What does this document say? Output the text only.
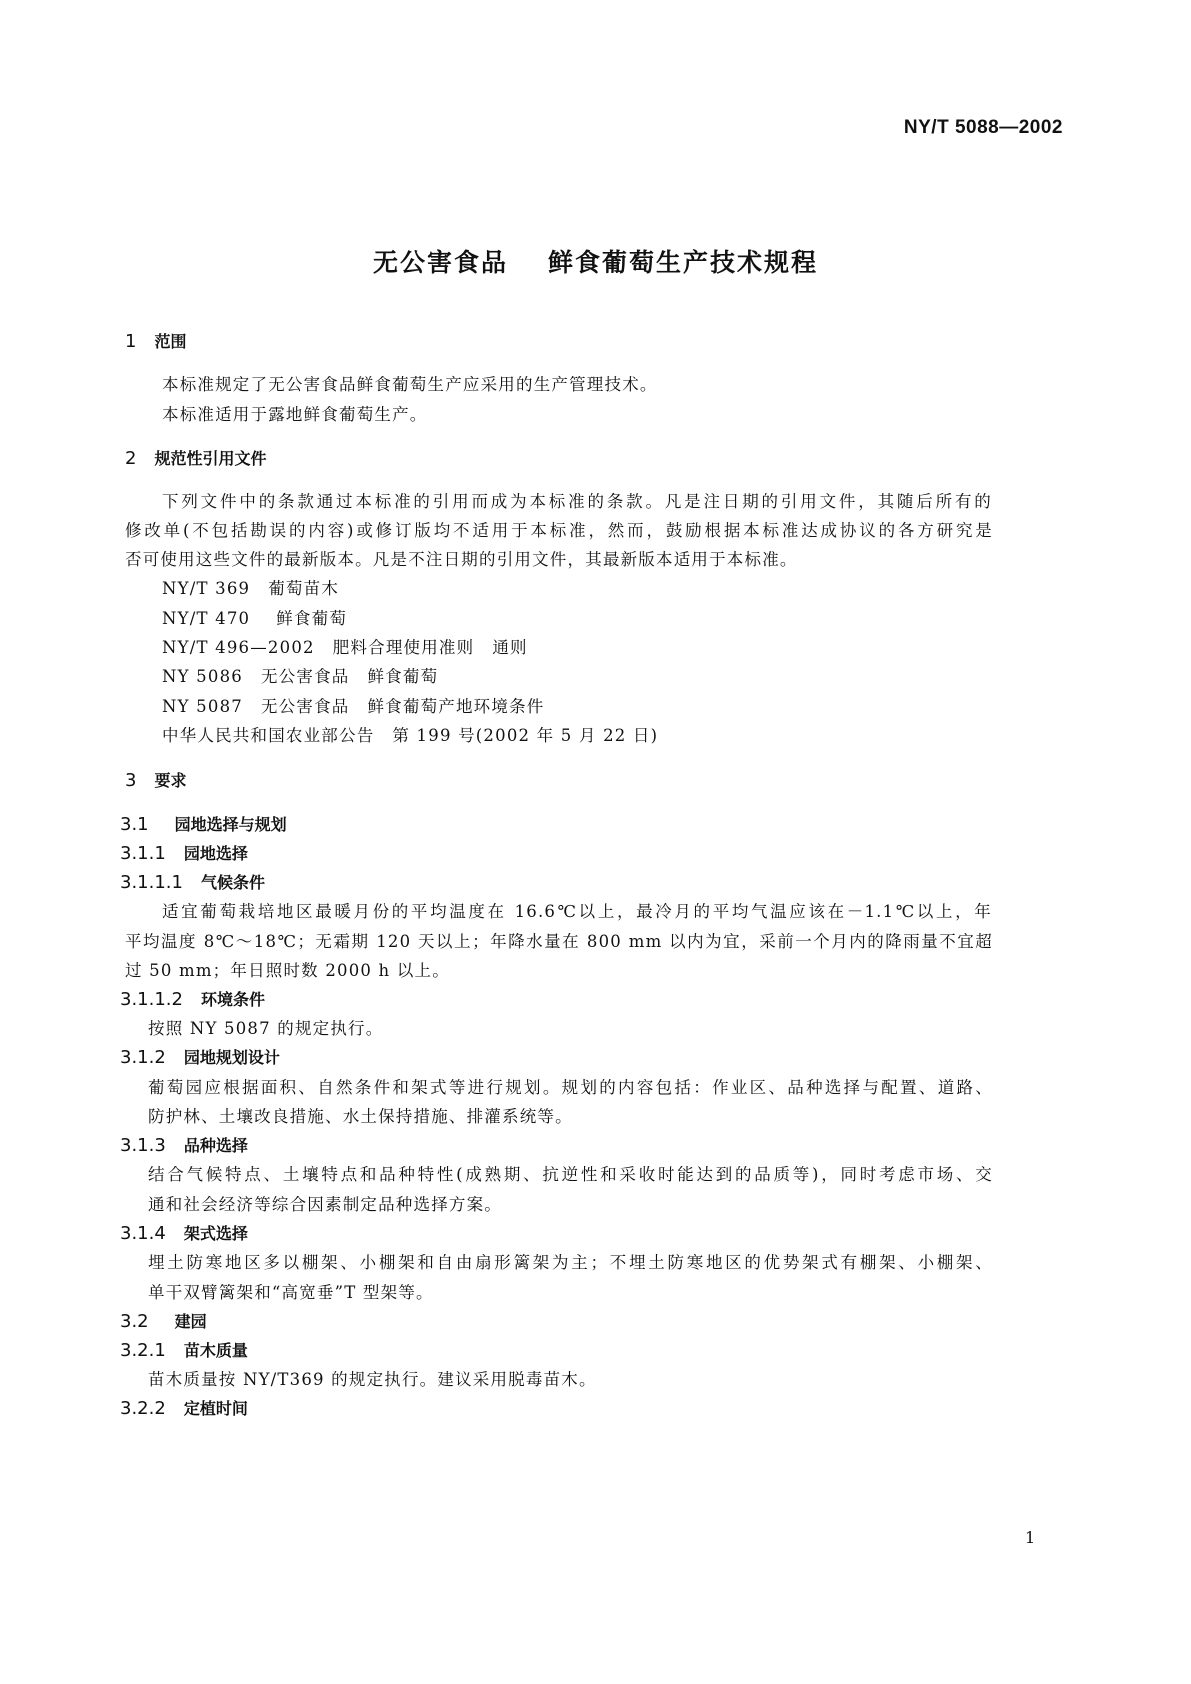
NY/T 5088—2002
无公害食品 鲜食葡萄生产技术规程
1 范围
本标准规定了无公害食品鲜食葡萄生产应采用的生产管理技术。
本标准适用于露地鲜食葡萄生产。
2 规范性引用文件
下列文件中的条款通过本标准的引用而成为本标准的条款。凡是注日期的引用文件，其随后所有的
修改单(不包括勘误的内容)或修订版均不适用于本标准，然而，鼓励根据本标准达成协议的各方研究是
否可使用这些文件的最新版本。凡是不注日期的引用文件，其最新版本适用于本标准。
NY/T 369 葡萄苗木
NY/T 470 鲜食葡萄
NY/T 496—2002 肥料合理使用准则 通则
NY 5086 无公害食品 鲜食葡萄
NY 5087 无公害食品 鲜食葡萄产地环境条件
中华人民共和国农业部公告 第 199 号(2002 年 5 月 22 日)
3 要求
3.1 园地选择与规划
3.1.1 园地选择
3.1.1.1 气候条件
适宜葡萄栽培地区最暖月份的平均温度在 16.6℃以上，最冷月的平均气温应该在－1.1℃以上，年
平均温度 8℃～18℃；无霜期 120 天以上；年降水量在 800 mm 以内为宜，采前一个月内的降雨量不宜超
过 50 mm；年日照时数 2000 h 以上。
3.1.1.2 环境条件
按照 NY 5087 的规定执行。
3.1.2 园地规划设计
葡萄园应根据面积、自然条件和架式等进行规划。规划的内容包括：作业区、品种选择与配置、道路、
防护林、土壤改良措施、水土保持措施、排灌系统等。
3.1.3 品种选择
结合气候特点、土壤特点和品种特性(成熟期、抗逆性和采收时能达到的品质等)，同时考虑市场、交
通和社会经济等综合因素制定品种选择方案。
3.1.4 架式选择
埋土防寒地区多以棚架、小棚架和自由扇形篱架为主；不埋土防寒地区的优势架式有棚架、小棚架、
单干双臂篱架和“高宽垂”T 型架等。
3.2 建园
3.2.1 苗木质量
苗木质量按 NY/T369 的规定执行。建议采用脱毒苗木。
3.2.2 定植时间
1
